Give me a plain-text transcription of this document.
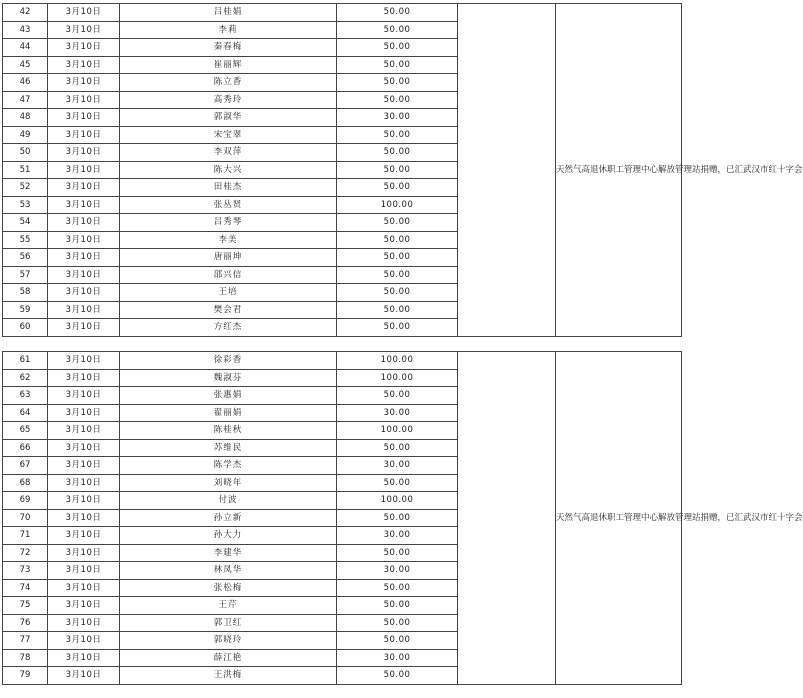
42	3月10日	吕桂娟	50.00		天然气高退休职工管理中心解放管理站捐赠，已汇武汉市红十字会
43	3月10日	李莉	50.00		
44	3月10日	秦春梅	50.00		
45	3月10日	崔丽辉	50.00		
46	3月10日	陈立香	50.00		
47	3月10日	高秀玲	50.00		
48	3月10日	郭淑华	30.00		
49	3月10日	宋宝翠	50.00		
50	3月10日	李双萍	50.00		
51	3月10日	陈大兴	50.00		
52	3月10日	田桂杰	50.00		
53	3月10日	张丛贤	100.00		
54	3月10日	吕秀琴	50.00		
55	3月10日	李美	50.00		
56	3月10日	唐丽坤	50.00		
57	3月10日	邵兴信	50.00		
58	3月10日	王培	50.00		
59	3月10日	樊会君	50.00		
60	3月10日	方红杰	50.00		
61	3月10日	徐彩香	100.00		天然气高退休职工管理中心解放管理站捐赠，已汇武汉市红十字会
62	3月10日	魏淑芬	100.00		
63	3月10日	张惠娟	50.00		
64	3月10日	翟丽娟	30.00		
65	3月10日	陈桂秋	100.00		
66	3月10日	苏维民	50.00		
67	3月10日	陈学杰	30.00		
68	3月10日	刘晓年	50.00		
69	3月10日	付波	100.00		
70	3月10日	孙立新	50.00		
71	3月10日	孙大力	30.00		
72	3月10日	李建华	50.00		
73	3月10日	林凤华	30.00		
74	3月10日	张松梅	50.00		
75	3月10日	王芹	50.00		
76	3月10日	郭卫红	50.00		
77	3月10日	郭晓玲	50.00		
78	3月10日	薛江艳	30.00		
79	3月10日	王洪梅	50.00		
